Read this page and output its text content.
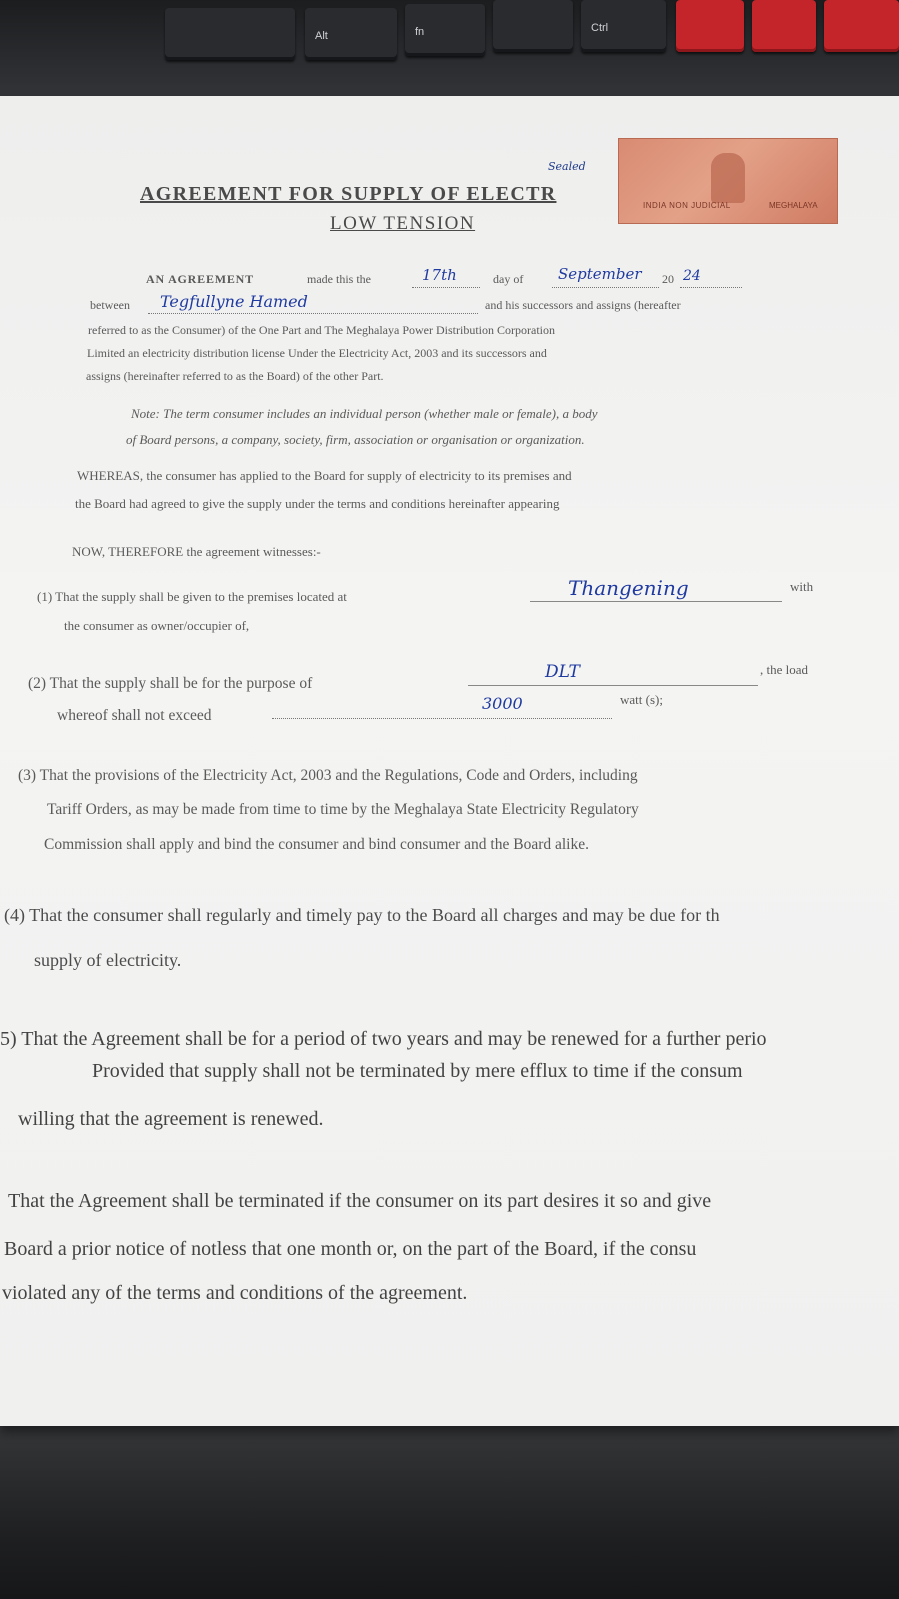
Alt	fn	Ctrl
INDIA NON JUDICIAL	MEGHALAYA
Sealed
AGREEMENT FOR SUPPLY OF ELECTR
LOW TENSION
AN AGREEMENT	made this the	17th	day of September 20 24
between Tegfullyne Hamed	and his successors and assigns (hereafter
referred to as the Consumer) of the One Part and The Meghalaya Power Distribution Corporation
Limited an electricity distribution license Under the Electricity Act, 2003 and its successors and
assigns (hereinafter referred to as the Board) of the other Part.
Note: The term consumer includes an individual person (whether male or female), a body
of Board persons, a company, society, firm, association or organisation or organization.
WHEREAS, the consumer has applied to the Board for supply of electricity to its premises and
the Board had agreed to give the supply under the terms and conditions hereinafter appearing
NOW, THEREFORE the agreement witnesses:-
(1) That the supply shall be given to the premises located at	Thangening	with
the consumer as owner/occupier of,
(2) That the supply shall be for the purpose of
DLT	, the load
whereof shall not exceed
3000	watt (s);
(3) That the provisions of the Electricity Act, 2003 and the Regulations, Code and Orders, including
Tariff Orders, as may be made from time to time by the Meghalaya State Electricity Regulatory
Commission shall apply and bind the consumer and bind consumer and the Board alike.
(4) That the consumer shall regularly and timely pay to the Board all charges and may be due for th
supply of electricity.
5) That the Agreement shall be for a period of two years and may be renewed for a further perio
Provided that supply shall not be terminated by mere efflux to time if the consum
willing that the agreement is renewed.
That the Agreement shall be terminated if the consumer on its part desires it so and give
Board a prior notice of notless that one month or, on the part of the Board, if the consu
violated any of the terms and conditions of the agreement.
